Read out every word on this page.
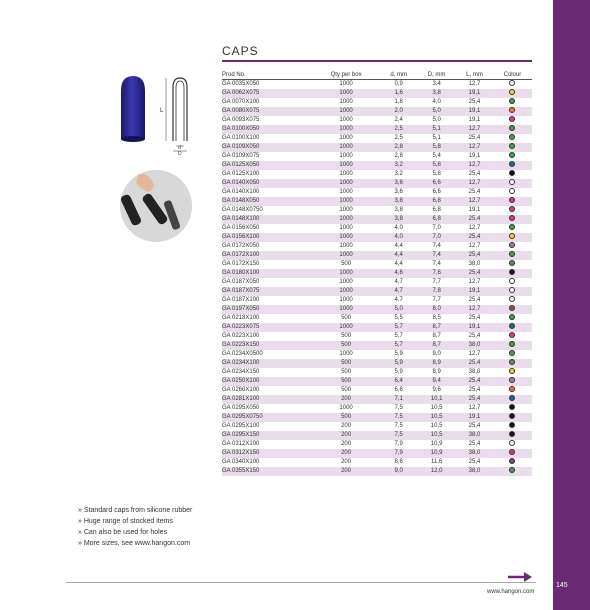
CAPS
L
d
D
Prod No.	Qty per box	d, mm	D, mm	L, mm	Colour
GA 0035X050	1000	0,9	3,4	12,7	
GA 0062X075	1000	1,6	3,8	19,1	
GA 0070X100	1000	1,8	4,0	25,4	
GA 0080X075	1000	2,0	5,0	19,1	
GA 0093X075	1000	2,4	5,0	19,1	
GA 0100X050	1000	2,5	5,1	12,7	
GA 0100X100	1000	2,5	5,1	25,4	
GA 0109X050	1000	2,8	5,8	12,7	
GA 0109X075	1000	2,8	5,4	19,1	
GA 0125X050	1000	3,2	5,8	12,7	
GA 0125X100	1000	3,2	5,8	25,4	
GA 0140X050	1000	3,6	6,6	12,7	
GA 0140X100	1000	3,6	6,6	25,4	
GA 0148X050	1000	3,8	6,8	12,7	
GA 0148X0750	1000	3,8	6,8	19,1	
GA 0148X100	1000	3,8	6,8	25,4	
GA 0156X050	1000	4,0	7,0	12,7	
GA 0156X100	1000	4,0	7,0	25,4	
GA 0172X050	1000	4,4	7,4	12,7	
GA 0172X100	1000	4,4	7,4	25,4	
GA 0172X150	500	4,4	7,4	38,0	
GA 0180X100	1000	4,6	7,6	25,4	
GA 0187X050	1000	4,7	7,7	12,7	
GA 0187X075	1000	4,7	7,8	19,1	
GA 0187X100	1000	4,7	7,7	25,4	
GA 0197X050	1000	5,0	8,0	12,7	
GA 0218X100	500	5,5	8,5	25,4	
GA 0223X075	1000	5,7	8,7	19,1	
GA 0223X100	500	5,7	8,7	25,4	
GA 0223X150	500	5,7	8,7	38,0	
GA 0234X0500	1000	5,9	9,0	12,7	
GA 0234X100	500	5,9	8,9	25,4	
GA 0234X150	500	5,9	8,9	38,0	
GA 0250X100	500	6,4	9,4	25,4	
GA 0260X100	500	6,6	9,6	25,4	
GA 0281X100	200	7,1	10,1	25,4	
GA 0295X050	1000	7,5	10,5	12,7	
GA 0295X0750	500	7,5	10,5	19,1	
GA 0295X100	200	7,5	10,5	25,4	
GA 0295X150	200	7,5	10,5	38,0	
GA 0312X100	200	7,9	10,9	25,4	
GA 0312X150	200	7,9	10,9	38,0	
GA 0340X100	200	8,6	11,6	25,4	
GA 0355X150	200	9,0	12,0	38,0	
» Standard caps from silicone rubber
» Huge range of stocked items
» Can also be used for holes
» More sizes, see www.hangon.com
www.hangon.com
145
